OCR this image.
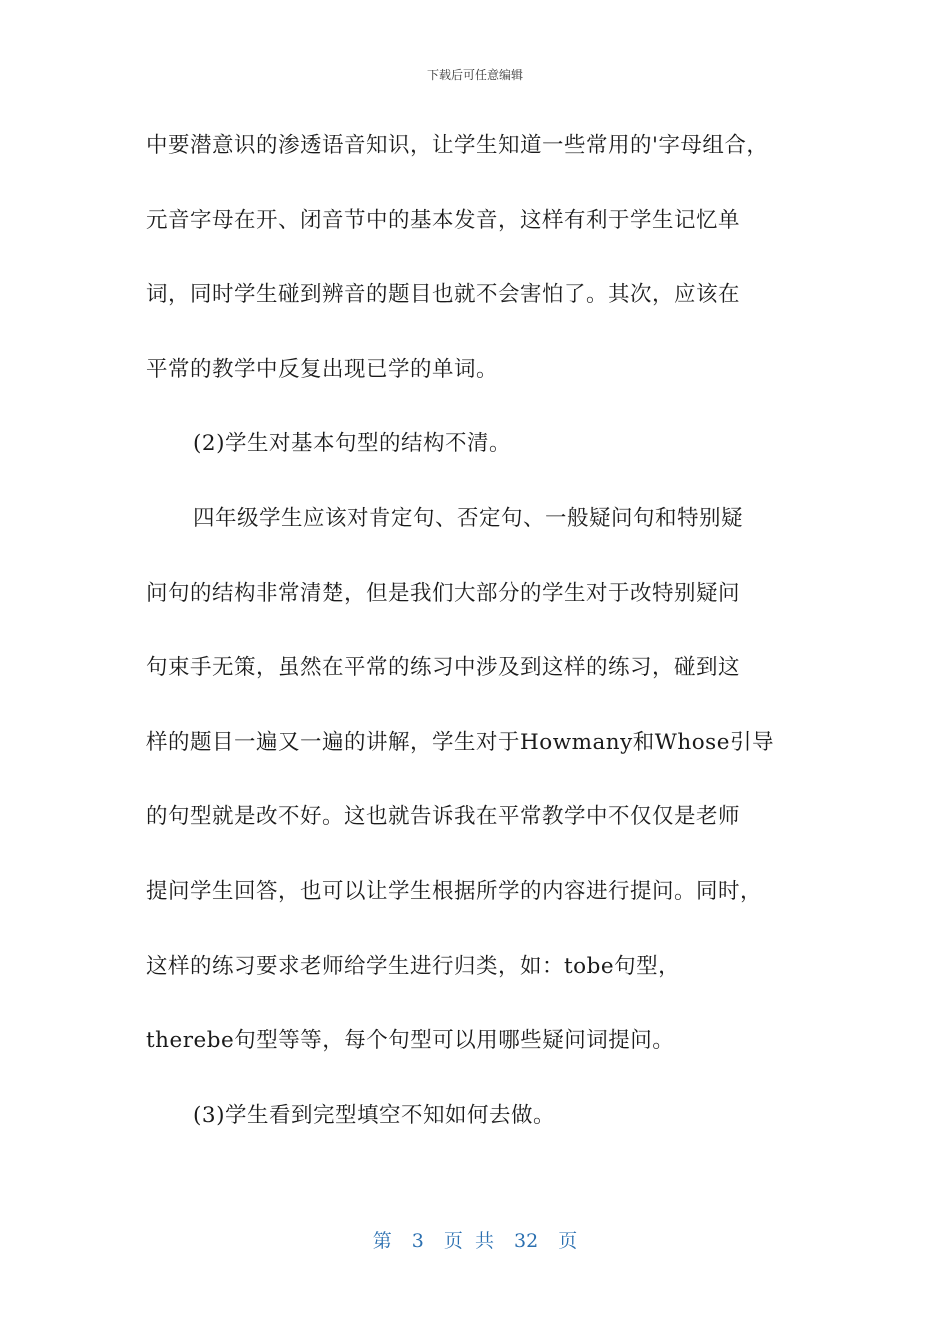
下载后可任意编辑
中要潜意识的渗透语音知识，让学生知道一些常用的'字母组合，
元音字母在开、闭音节中的基本发音，这样有利于学生记忆单
词，同时学生碰到辨音的题目也就不会害怕了。其次，应该在
平常的教学中反复出现已学的单词。
(2)学生对基本句型的结构不清。
四年级学生应该对肯定句、否定句、一般疑问句和特别疑
问句的结构非常清楚，但是我们大部分的学生对于改特别疑问
句束手无策，虽然在平常的练习中涉及到这样的练习，碰到这
样的题目一遍又一遍的讲解，学生对于Howmany和Whose引导
的句型就是改不好。这也就告诉我在平常教学中不仅仅是老师
提问学生回答，也可以让学生根据所学的内容进行提问。同时，
这样的练习要求老师给学生进行归类，如：tobe句型，
therebe句型等等，每个句型可以用哪些疑问词提问。
(3)学生看到完型填空不知如何去做。
第 3 页 共 32 页
